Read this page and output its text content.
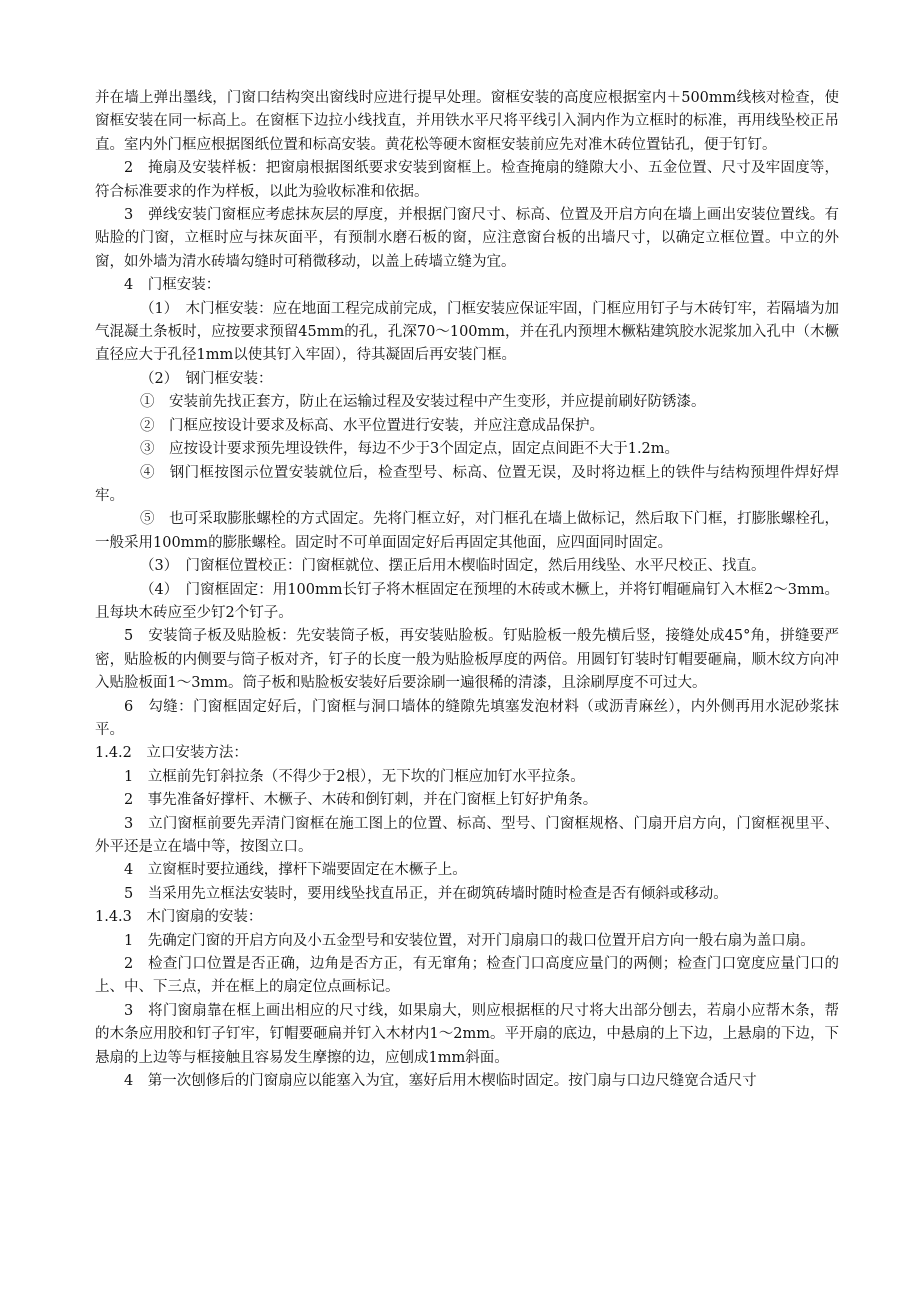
并在墙上弹出墨线，门窗口结构突出窗线时应进行提早处理。窗框安装的高度应根据室内＋500mm线核对检查，使窗框安装在同一标高上。在窗框下边拉小线找直，并用铁水平尺将平线引入洞内作为立框时的标准，再用线坠校正吊直。室内外门框应根据图纸位置和标高安装。黄花松等硬木窗框安装前应先对准木砖位置钻孔，便于钉钉。

2　掩扇及安装样板：把窗扇根据图纸要求安装到窗框上。检查掩扇的缝隙大小、五金位置、尺寸及牢固度等，符合标准要求的作为样板，以此为验收标准和依据。

3　弹线安装门窗框应考虑抹灰层的厚度，并根据门窗尺寸、标高、位置及开启方向在墙上画出安装位置线。有贴脸的门窗，立框时应与抹灰面平，有预制水磨石板的窗，应注意窗台板的出墙尺寸，以确定立框位置。中立的外窗，如外墙为清水砖墙勾缝时可稍微移动，以盖上砖墙立缝为宜。

4　门框安装：

（1）　木门框安装：应在地面工程完成前完成，门框安装应保证牢固，门框应用钉子与木砖钉牢，若隔墙为加气混凝土条板时，应按要求预留45mm的孔，孔深70～100mm，并在孔内预埋木橛粘建筑胶水泥浆加入孔中（木橛直径应大于孔径1mm以使其钉入牢固），待其凝固后再安装门框。

（2）　钢门框安装：

①　安装前先找正套方，防止在运输过程及安装过程中产生变形，并应提前刷好防锈漆。

②　门框应按设计要求及标高、水平位置进行安装，并应注意成品保护。

③　应按设计要求预先埋设铁件，每边不少于3个固定点，固定点间距不大于1.2m。

④　钢门框按图示位置安装就位后，检查型号、标高、位置无误，及时将边框上的铁件与结构预埋件焊好焊牢。

⑤　也可采取膨胀螺栓的方式固定。先将门框立好，对门框孔在墙上做标记，然后取下门框，打膨胀螺栓孔，一般采用100mm的膨胀螺栓。固定时不可单面固定好后再固定其他面，应四面同时固定。

（3）　门窗框位置校正：门窗框就位、摆正后用木楔临时固定，然后用线坠、水平尺校正、找直。

（4）　门窗框固定：用100mm长钉子将木框固定在预埋的木砖或木橛上，并将钉帽砸扁钉入木框2～3mm。且每块木砖应至少钉2个钉子。

5　安装筒子板及贴脸板：先安装筒子板，再安装贴脸板。钉贴脸板一般先横后竖，接缝处成45°角，拼缝要严密，贴脸板的内侧要与筒子板对齐，钉子的长度一般为贴脸板厚度的两倍。用圆钉钉装时钉帽要砸扁，顺木纹方向冲入贴脸板面1～3mm。筒子板和贴脸板安装好后要涂刷一遍很稀的清漆，且涂刷厚度不可过大。

6　勾缝：门窗框固定好后，门窗框与洞口墙体的缝隙先填塞发泡材料（或沥青麻丝），内外侧再用水泥砂浆抹平。

1.4.2　立口安装方法：

1　立框前先钉斜拉条（不得少于2根），无下坎的门框应加钉水平拉条。

2　事先准备好撑杆、木橛子、木砖和倒钉刺，并在门窗框上钉好护角条。

3　立门窗框前要先弄清门窗框在施工图上的位置、标高、型号、门窗框规格、门扇开启方向，门窗框视里平、外平还是立在墙中等，按图立口。

4　立窗框时要拉通线，撑杆下端要固定在木橛子上。

5　当采用先立框法安装时，要用线坠找直吊正，并在砌筑砖墙时随时检查是否有倾斜或移动。

1.4.3　木门窗扇的安装：

1　先确定门窗的开启方向及小五金型号和安装位置，对开门扇扇口的裁口位置开启方向一般右扇为盖口扇。

2　检查门口位置是否正确，边角是否方正，有无窜角；检查门口高度应量门的两侧；检查门口宽度应量门口的上、中、下三点，并在框上的扇定位点画标记。

3　将门窗扇靠在框上画出相应的尺寸线，如果扇大，则应根据框的尺寸将大出部分刨去，若扇小应帮木条，帮的木条应用胶和钉子钉牢，钉帽要砸扁并钉入木材内1～2mm。平开扇的底边，中悬扇的上下边，上悬扇的下边，下悬扇的上边等与框接触且容易发生摩擦的边，应刨成1mm斜面。

4　第一次刨修后的门窗扇应以能塞入为宜，塞好后用木楔临时固定。按门扇与口边尺缝宽合适尺寸
